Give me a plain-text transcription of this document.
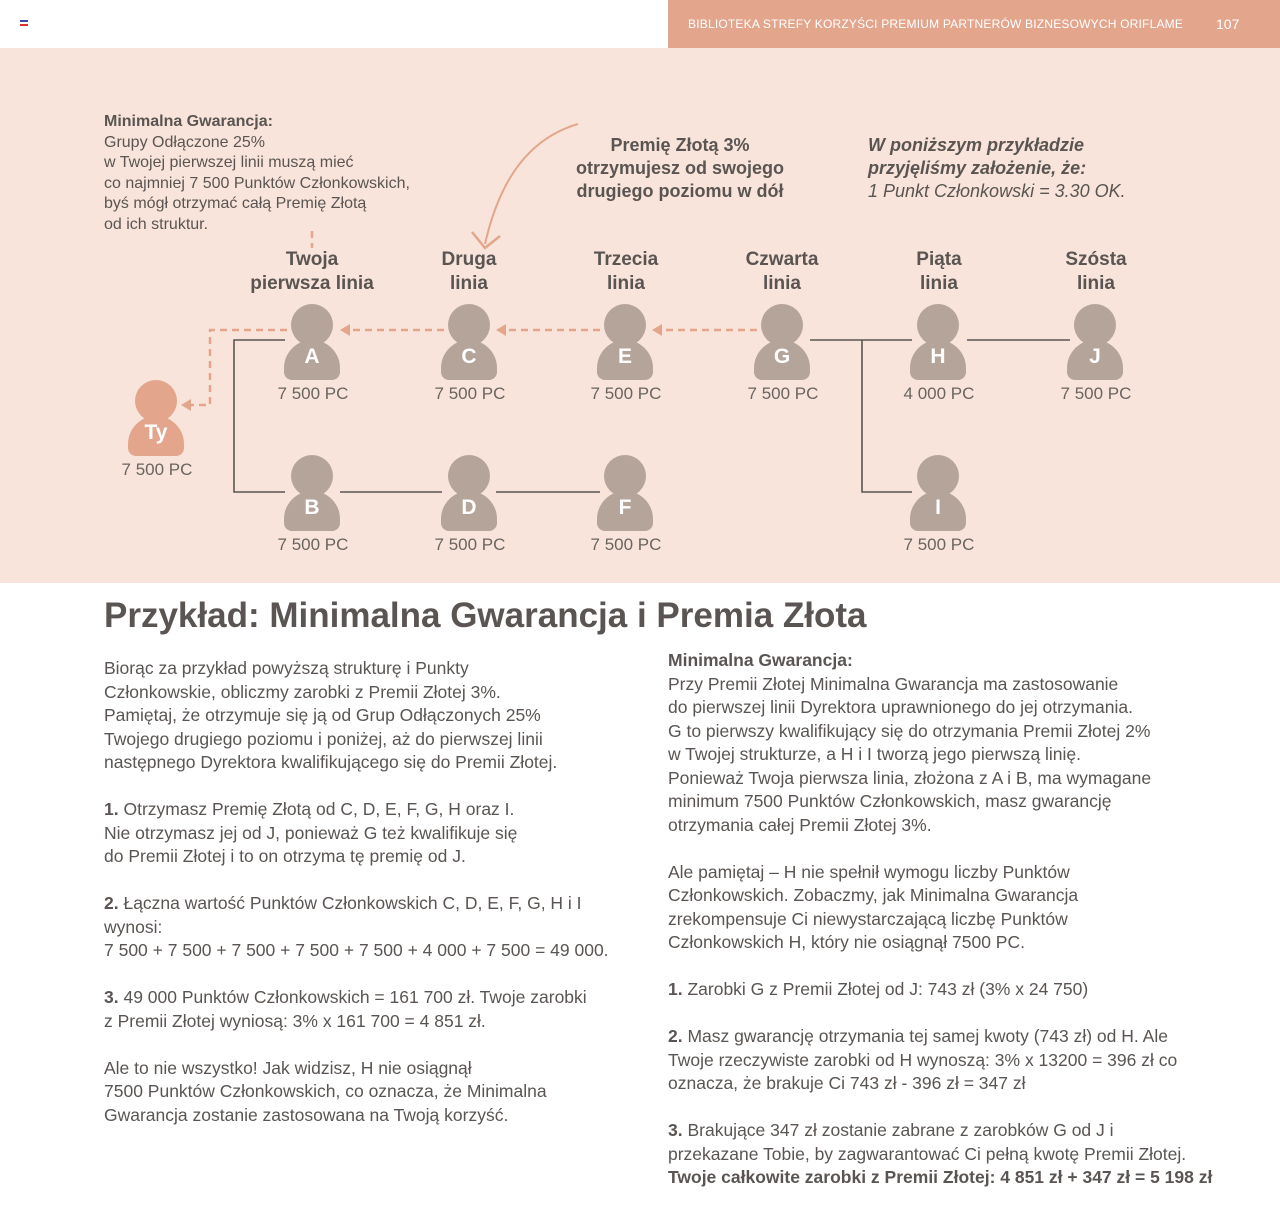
BIBLIOTEKA STREFY KORZYŚCI PREMIUM PARTNERÓW BIZNESOWYCH ORIFLAME 107
Minimalna Gwarancja:
Grupy Odłączone 25%
w Twojej pierwszej linii muszą mieć
co najmniej 7 500 Punktów Członkowskich,
byś mógł otrzymać całą Premię Złotą
od ich struktur.
Premię Złotą 3%
otrzymujesz od swojego
drugiego poziomu w dół
W poniższym przykładzie
przyjęliśmy założenie, że:
1 Punkt Członkowski = 3.30 OK.
Twoja
pierwsza linia
Druga
linia
Trzecia
linia
Czwarta
linia
Piąta
linia
Szósta
linia
Ty
7 500 PC
A
7 500 PC
B
7 500 PC
C
7 500 PC
D
7 500 PC
E
7 500 PC
F
7 500 PC
G
7 500 PC
H
4 000 PC
I
7 500 PC
J
7 500 PC
Przykład: Minimalna Gwarancja i Premia Złota

Biorąc za przykład powyższą strukturę i Punkty
Członkowskie, obliczmy zarobki z Premii Złotej 3%.
Pamiętaj, że otrzymuje się ją od Grup Odłączonych 25%
Twojego drugiego poziomu i poniżej, aż do pierwszej linii
następnego Dyrektora kwalifikującego się do Premii Złotej.

1. Otrzymasz Premię Złotą od C, D, E, F, G, H oraz I.
Nie otrzymasz jej od J, ponieważ G też kwalifikuje się
do Premii Złotej i to on otrzyma tę premię od J.

2. Łączna wartość Punktów Członkowskich C, D, E, F, G, H i I
wynosi:
7 500 + 7 500 + 7 500 + 7 500 + 7 500 + 4 000 + 7 500 = 49 000.

3. 49 000 Punktów Członkowskich = 161 700 zł. Twoje zarobki
z Premii Złotej wyniosą: 3% x 161 700 = 4 851 zł.

Ale to nie wszystko! Jak widzisz, H nie osiągnął
7500 Punktów Członkowskich, co oznacza, że Minimalna
Gwarancja zostanie zastosowana na Twoją korzyść.

Minimalna Gwarancja:

Przy Premii Złotej Minimalna Gwarancja ma zastosowanie
do pierwszej linii Dyrektora uprawnionego do jej otrzymania.
G to pierwszy kwalifikujący się do otrzymania Premii Złotej 2%
w Twojej strukturze, a H i I tworzą jego pierwszą linię.
Ponieważ Twoja pierwsza linia, złożona z A i B, ma wymagane
minimum 7500 Punktów Członkowskich, masz gwarancję
otrzymania całej Premii Złotej 3%.

Ale pamiętaj – H nie spełnił wymogu liczby Punktów
Członkowskich. Zobaczmy, jak Minimalna Gwarancja
zrekompensuje Ci niewystarczającą liczbę Punktów
Członkowskich H, który nie osiągnął 7500 PC.

1. Zarobki G z Premii Złotej od J: 743 zł (3% x 24 750)

2. Masz gwarancję otrzymania tej samej kwoty (743 zł) od H. Ale
Twoje rzeczywiste zarobki od H wynoszą: 3% x 13200 = 396 zł co
oznacza, że brakuje Ci 743 zł - 396 zł = 347 zł

3. Brakujące 347 zł zostanie zabrane z zarobków G od J i
przekazane Tobie, by zagwarantować Ci pełną kwotę Premii Złotej.

Twoje całkowite zarobki z Premii Złotej: 4 851 zł + 347 zł = 5 198 zł
